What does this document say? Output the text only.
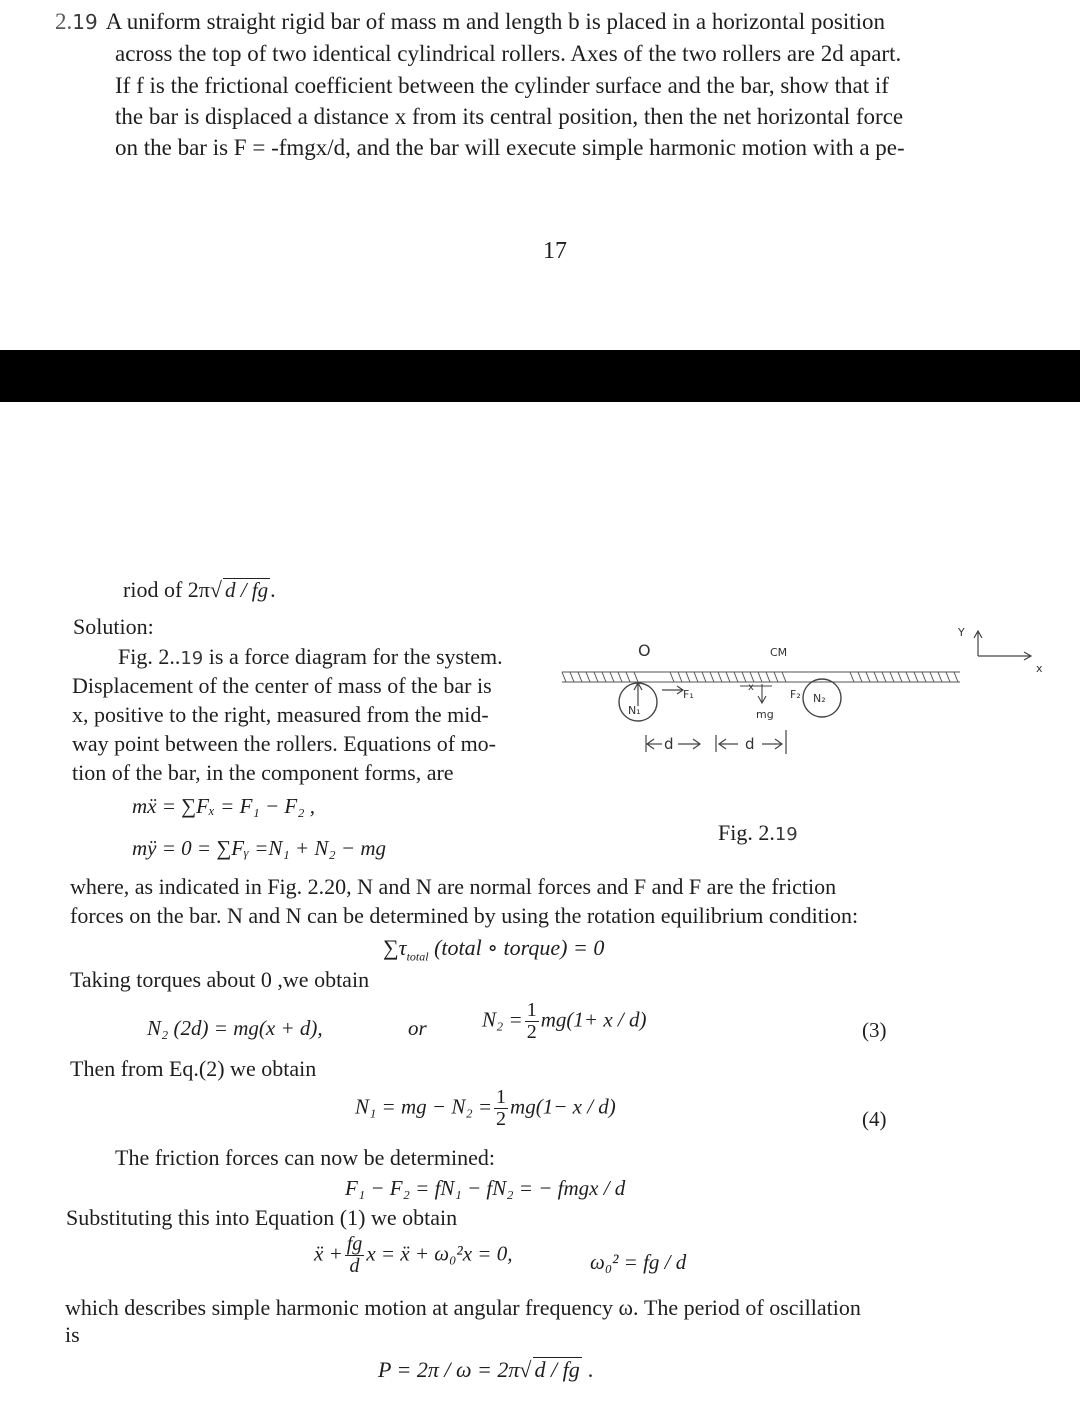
2.19 A uniform straight rigid bar of mass m and length b is placed in a horizontal position
across the top of two identical cylindrical rollers. Axes of the two rollers are 2d apart.
If f is the frictional coefficient between the cylinder surface and the bar, show that if
the bar is displaced a distance x from its central position, then the net horizontal force
on the bar is F = -fmgx/d, and the bar will execute simple harmonic motion with a pe-
17
riod of 2π√ d / fg.
Solution:
Fig. 2..19 is a force diagram for the system.
Displacement of the center of mass of the bar is
x, positive to the right, measured from the mid-
way point between the rollers. Equations of mo-
tion of the bar, in the component forms, are
mẍ = ∑Fₓ = F₁ − F₂ ,
mÿ = 0 = ∑Fᵧ =N₁ + N₂ − mg
O	CM
N₁
N₂
F₁
x
mg
F₂
d	d
Y
x
Fig. 2.19
where, as indicated in Fig. 2.20, N and N are normal forces and F and F are the friction
forces on the bar. N and N can be determined by using the rotation equilibrium condition:
$\sum\tau_{total}$ (total ∘ torque) = 0
Taking torques about 0 ,we obtain
N₂ (2d) = mg(x + d),	or	$N_2 = \frac{1}{2} mg(1+ x / d)$	(3)
Then from Eq.(2) we obtain
N₁ = mg − $N_2 = \frac{1}{2} mg(1- x / d)$
(4)
The friction forces can now be determined:
F₁ − F₂ = fN₁ − fN₂ = − fmgx / d
Substituting this into Equation (1) we obtain
ẍ + $\frac{fg}{d}$ x = ẍ + ω₀²x = 0,	ω₀² = fg / d
which describes simple harmonic motion at angular frequency ω. The period of oscillation
is
P = 2π / ω = 2π√ d / fg .
